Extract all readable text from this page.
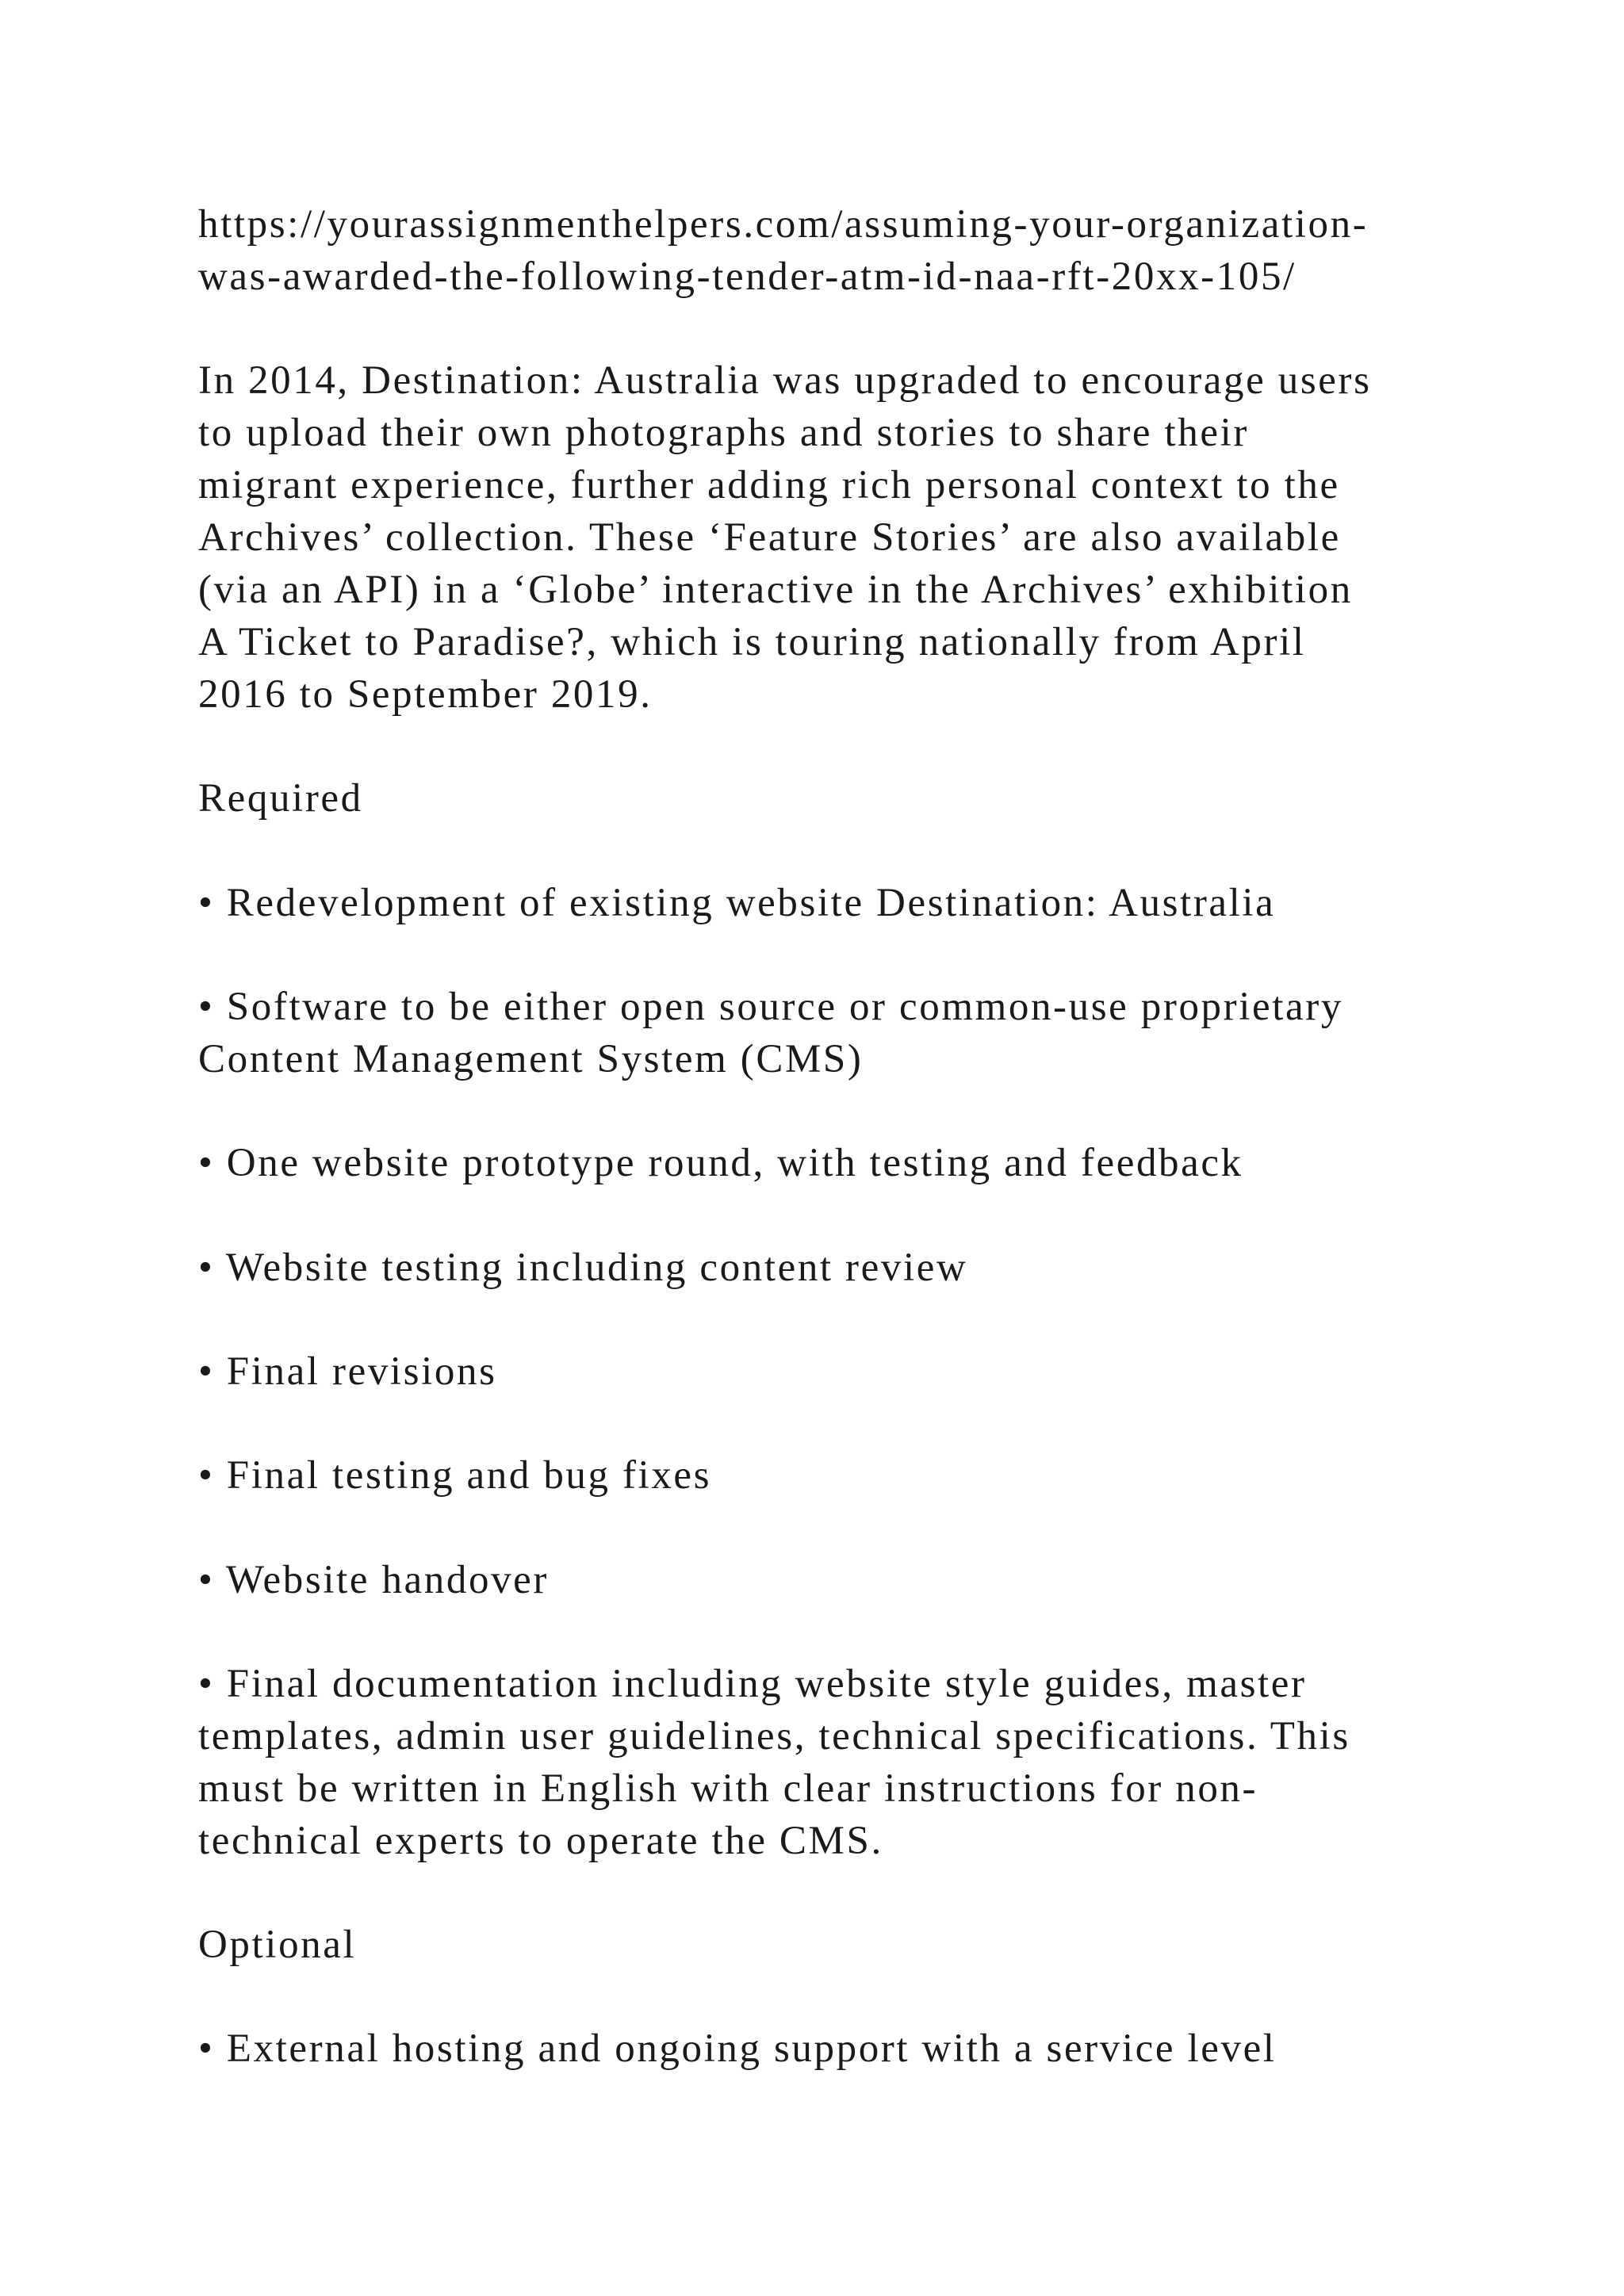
https://yourassignmenthelpers.com/assuming-your-organization-
was-awarded-the-following-tender-atm-id-naa-rft-20xx-105/
In 2014, Destination: Australia was upgraded to encourage users
to upload their own photographs and stories to share their
migrant experience, further adding rich personal context to the
Archives’ collection. These ‘Feature Stories’ are also available
(via an API) in a ‘Globe’ interactive in the Archives’ exhibition
A Ticket to Paradise?, which is touring nationally from April
2016 to September 2019.
Required
• Redevelopment of existing website Destination: Australia
• Software to be either open source or common-use proprietary
Content Management System (CMS)
• One website prototype round, with testing and feedback
• Website testing including content review
• Final revisions
• Final testing and bug fixes
• Website handover
• Final documentation including website style guides, master
templates, admin user guidelines, technical specifications. This
must be written in English with clear instructions for non-
technical experts to operate the CMS.
Optional
• External hosting and ongoing support with a service level
